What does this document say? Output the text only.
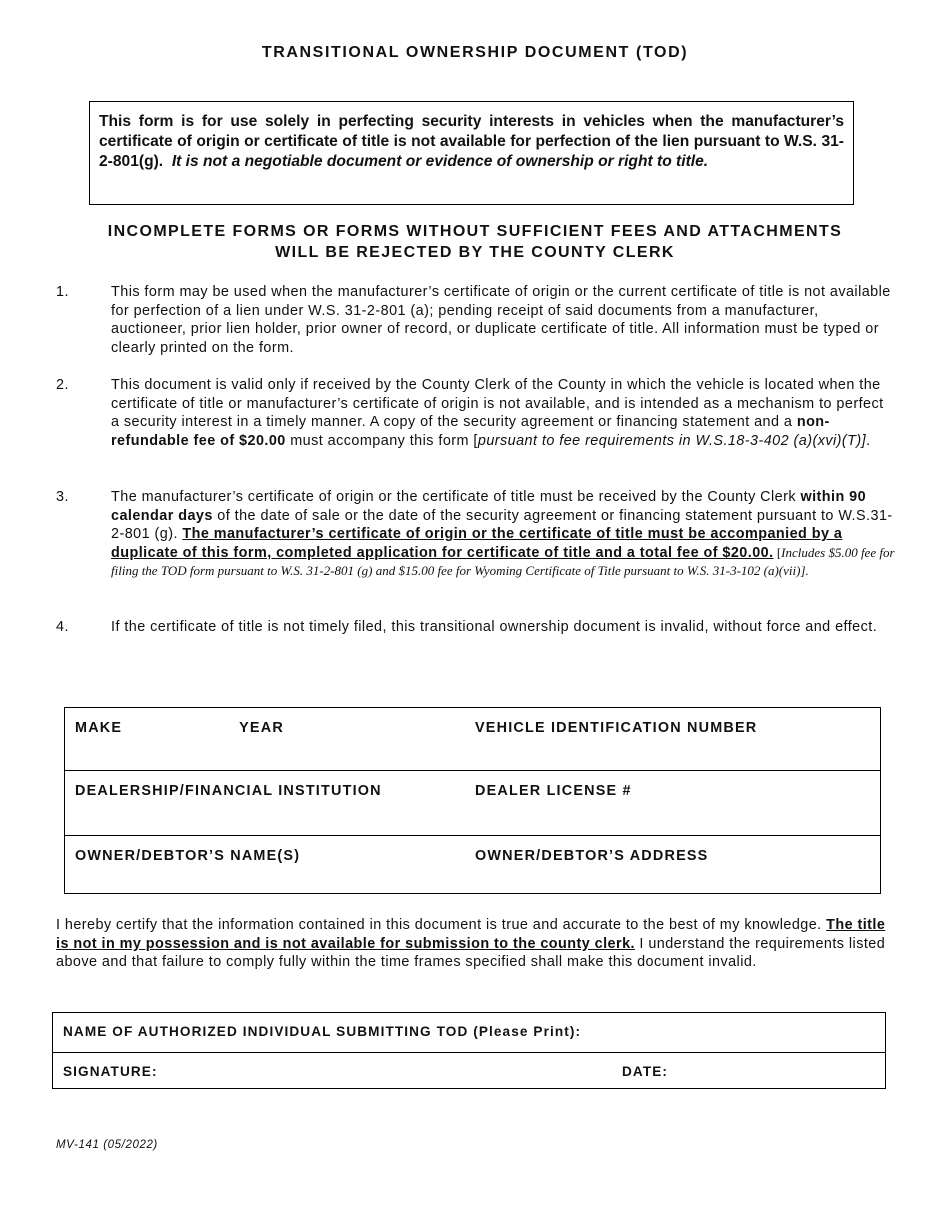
TRANSITIONAL OWNERSHIP DOCUMENT (TOD)

This form is for use solely in perfecting security interests in vehicles when the manufacturer’s certificate of origin or certificate of title is not available for perfection of the lien pursuant to W.S. 31-2-801(g). It is not a negotiable document or evidence of ownership or right to title.

INCOMPLETE FORMS OR FORMS WITHOUT SUFFICIENT FEES AND ATTACHMENTS
WILL BE REJECTED BY THE COUNTY CLERK
1.	This form may be used when the manufacturer’s certificate of origin or the current certificate of title is not available for perfection of a lien under W.S. 31-2-801 (a); pending receipt of said documents from a manufacturer, auctioneer, prior lien holder, prior owner of record, or duplicate certificate of title. All information must be typed or clearly printed on the form.
2.	This document is valid only if received by the County Clerk of the County in which the vehicle is located when the certificate of title or manufacturer’s certificate of origin is not available, and is intended as a mechanism to perfect a security interest in a timely manner. A copy of the security agreement or financing statement and a non-refundable fee of $20.00 must accompany this form [pursuant to fee requirements in W.S.18-3-402 (a)(xvi)(T)].
3.	The manufacturer’s certificate of origin or the certificate of title must be received by the County Clerk within 90 calendar days of the date of sale or the date of the security agreement or financing statement pursuant to W.S.31-2-801 (g). The manufacturer’s certificate of origin or the certificate of title must be accompanied by a duplicate of this form, completed application for certificate of title and a total fee of $20.00. [Includes $5.00 fee for filing the TOD form pursuant to W.S. 31-2-801 (g) and $15.00 fee for Wyoming Certificate of Title pursuant to W.S. 31-3-102 (a)(vii)].
4.	If the certificate of title is not timely filed, this transitional ownership document is invalid, without force and effect.
MAKE YEAR	VEHICLE IDENTIFICATION NUMBER
DEALERSHIP/FINANCIAL INSTITUTION	DEALER LICENSE #
OWNER/DEBTOR’S NAME(S)	OWNER/DEBTOR’S ADDRESS
I hereby certify that the information contained in this document is true and accurate to the best of my knowledge. The title is not in my possession and is not available for submission to the county clerk. I understand the requirements listed above and that failure to comply fully within the time frames specified shall make this document invalid.
NAME OF AUTHORIZED INDIVIDUAL SUBMITTING TOD (Please Print):
SIGNATURE:	DATE:
MV-141 (05/2022)
